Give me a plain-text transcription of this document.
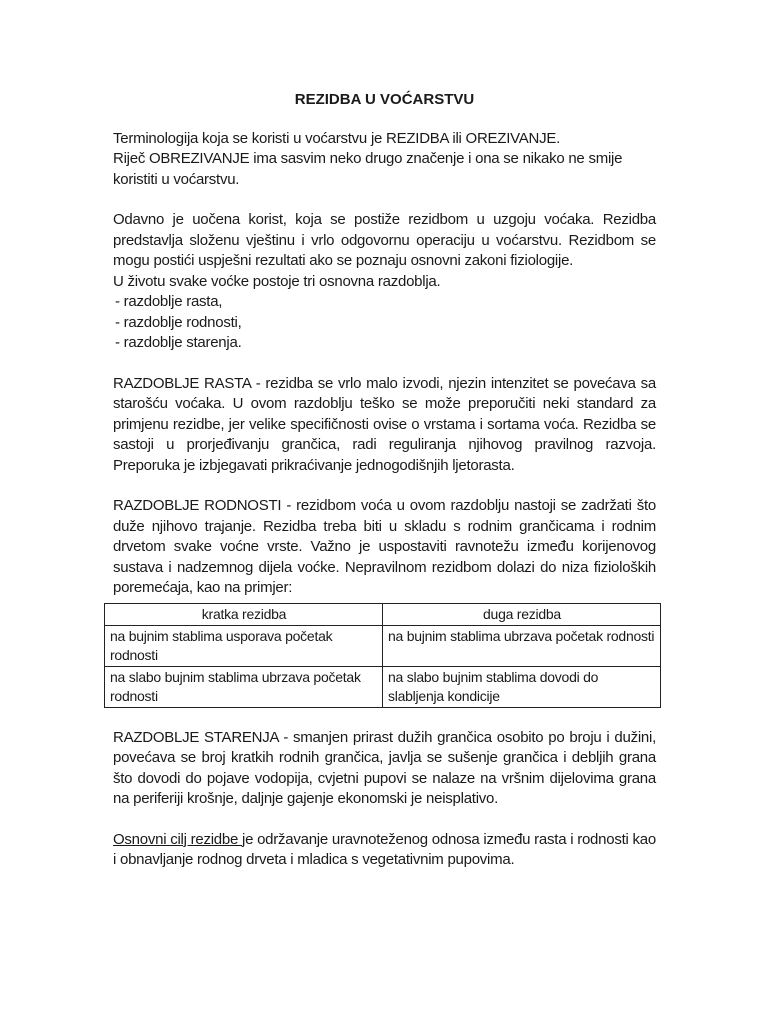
REZIDBA U VOĆARSTVU

Terminologija koja se koristi u voćarstvu je REZIDBA ili OREZIVANJE.

Riječ OBREZIVANJE ima sasvim neko drugo značenje i ona se nikako ne smije koristiti u voćarstvu.

Odavno je uočena korist, koja se postiže rezidbom u uzgoju voćaka. Rezidba predstavlja složenu vještinu i vrlo odgovornu operaciju u voćarstvu. Rezidbom se mogu postići uspješni rezultati ako se poznaju osnovni zakoni fiziologije.

U životu svake voćke postoje tri osnovna razdoblja.

- razdoblje rasta,

- razdoblje rodnosti,

- razdoblje starenja.

RAZDOBLJE RASTA - rezidba se vrlo malo izvodi, njezin intenzitet se povećava sa starošću voćaka. U ovom razdoblju teško se može preporučiti neki standard za primjenu rezidbe, jer velike specifičnosti ovise o vrstama i sortama voća. Rezidba se sastoji u prorjeđivanju grančica, radi reguliranja njihovog pravilnog razvoja. Preporuka je izbjegavati prikraćivanje jednogodišnjih ljetorasta.

RAZDOBLJE RODNOSTI - rezidbom voća u ovom razdoblju nastoji se zadržati što duže njihovo trajanje. Rezidba treba biti u skladu s rodnim grančicama i rodnim drvetom svake voćne vrste. Važno je uspostaviti ravnotežu između korijenovog sustava i nadzemnog dijela voćke. Nepravilnom rezidbom dolazi do niza fizioloških poremećaja, kao na primjer:

kratka rezidba	duga rezidba
na bujnim stablima usporava početak rodnosti	na bujnim stablima ubrzava početak rodnosti
na slabo bujnim stablima ubrzava početak rodnosti	na slabo bujnim stablima dovodi do slabljenja kondicije

RAZDOBLJE STARENJA - smanjen prirast dužih grančica osobito po broju i dužini, povećava se broj kratkih rodnih grančica, javlja se sušenje grančica i debljih grana što dovodi do pojave vodopija, cvjetni pupovi se nalaze na vršnim dijelovima grana na periferiji krošnje, daljnje gajenje ekonomski je neisplativo.

Osnovni cilj rezidbe je održavanje uravnoteženog odnosa između rasta i rodnosti kao i obnavljanje rodnog drveta i mladica s vegetativnim pupovima.
